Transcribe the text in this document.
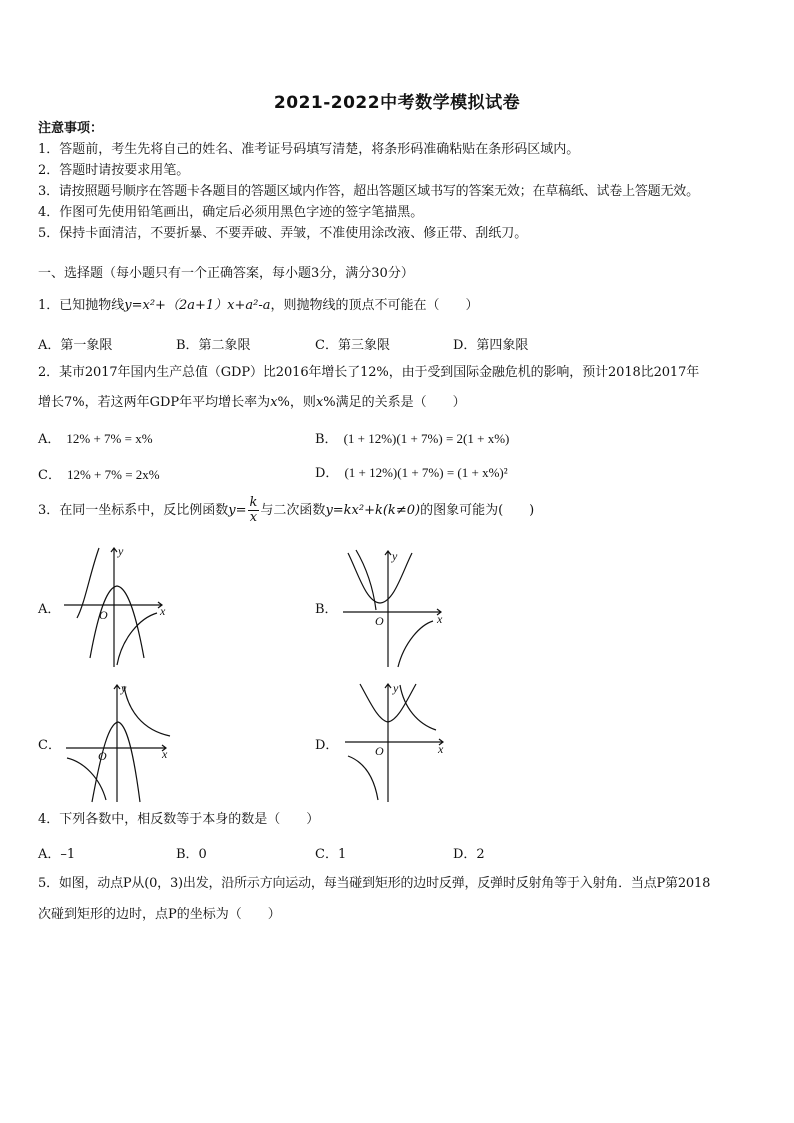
2021-2022中考数学模拟试卷
注意事项：
1．答题前，考生先将自己的姓名、准考证号码填写清楚，将条形码准确粘贴在条形码区域内。
2．答题时请按要求用笔。
3．请按照题号顺序在答题卡各题目的答题区域内作答，超出答题区域书写的答案无效；在草稿纸、试卷上答题无效。
4．作图可先使用铅笔画出，确定后必须用黑色字迹的签字笔描黑。
5．保持卡面清洁，不要折暴、不要弄破、弄皱，不准使用涂改液、修正带、刮纸刀。
一、选择题（每小题只有一个正确答案，每小题3分，满分30分）
1．已知抛物线y=x²+（2a+1）x+a²-a，则抛物线的顶点不可能在（　　）
A．第一象限	B．第二象限	C．第三象限	D．第四象限
2．某市2017年国内生产总值（GDP）比2016年增长了12%，由于受到国际金融危机的影响，预计2018比2017年
增长7%，若这两年GDP年平均增长率为x%，则x%满足的关系是（　　）
A． 12% + 7% = x%	B． (1 + 12%)(1 + 7%) = 2(1 + x%)
C． 12% + 7% = 2x%	D． (1 + 12%)(1 + 7%) = (1 + x%)²
3．在同一坐标系中，反比例函数$y= \frac{k}{x}$ 与二次函数y=kx²+k(k≠0)的图象可能为(　　)
A．	B．
C．	D．
O	x
y
O	x
y
O	x
y
O	x
y
4．下列各数中，相反数等于本身的数是（　　）
A．–1	B．0	C．1	D．2
5．如图，动点P从(0，3)出发，沿所示方向运动，每当碰到矩形的边时反弹，反弹时反射角等于入射角．当点P第2018
次碰到矩形的边时，点P的坐标为（　　）
